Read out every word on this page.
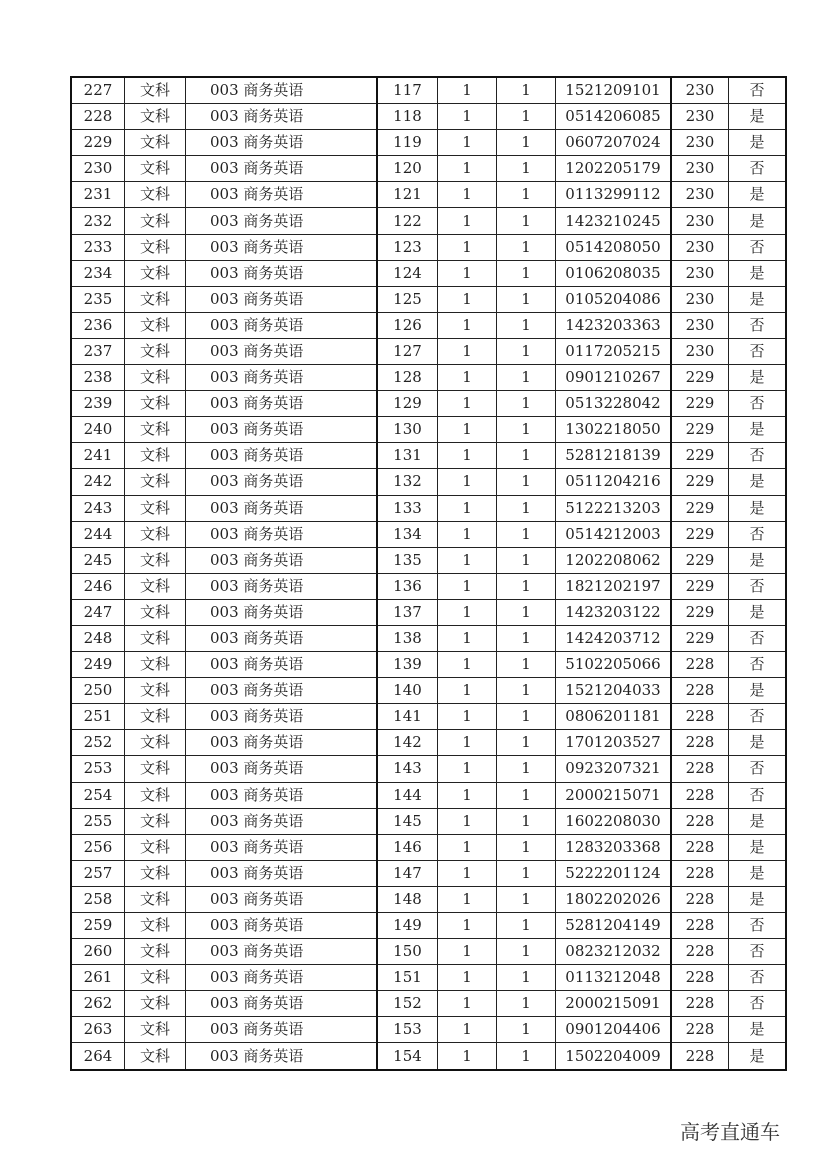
227	文科	003 商务英语	117	1	1	1521209101	230	否
228	文科	003 商务英语	118	1	1	0514206085	230	是
229	文科	003 商务英语	119	1	1	0607207024	230	是
230	文科	003 商务英语	120	1	1	1202205179	230	否
231	文科	003 商务英语	121	1	1	0113299112	230	是
232	文科	003 商务英语	122	1	1	1423210245	230	是
233	文科	003 商务英语	123	1	1	0514208050	230	否
234	文科	003 商务英语	124	1	1	0106208035	230	是
235	文科	003 商务英语	125	1	1	0105204086	230	是
236	文科	003 商务英语	126	1	1	1423203363	230	否
237	文科	003 商务英语	127	1	1	0117205215	230	否
238	文科	003 商务英语	128	1	1	0901210267	229	是
239	文科	003 商务英语	129	1	1	0513228042	229	否
240	文科	003 商务英语	130	1	1	1302218050	229	是
241	文科	003 商务英语	131	1	1	5281218139	229	否
242	文科	003 商务英语	132	1	1	0511204216	229	是
243	文科	003 商务英语	133	1	1	5122213203	229	是
244	文科	003 商务英语	134	1	1	0514212003	229	否
245	文科	003 商务英语	135	1	1	1202208062	229	是
246	文科	003 商务英语	136	1	1	1821202197	229	否
247	文科	003 商务英语	137	1	1	1423203122	229	是
248	文科	003 商务英语	138	1	1	1424203712	229	否
249	文科	003 商务英语	139	1	1	5102205066	228	否
250	文科	003 商务英语	140	1	1	1521204033	228	是
251	文科	003 商务英语	141	1	1	0806201181	228	否
252	文科	003 商务英语	142	1	1	1701203527	228	是
253	文科	003 商务英语	143	1	1	0923207321	228	否
254	文科	003 商务英语	144	1	1	2000215071	228	否
255	文科	003 商务英语	145	1	1	1602208030	228	是
256	文科	003 商务英语	146	1	1	1283203368	228	是
257	文科	003 商务英语	147	1	1	5222201124	228	是
258	文科	003 商务英语	148	1	1	1802202026	228	是
259	文科	003 商务英语	149	1	1	5281204149	228	否
260	文科	003 商务英语	150	1	1	0823212032	228	否
261	文科	003 商务英语	151	1	1	0113212048	228	否
262	文科	003 商务英语	152	1	1	2000215091	228	否
263	文科	003 商务英语	153	1	1	0901204406	228	是
264	文科	003 商务英语	154	1	1	1502204009	228	是
高考直通车
